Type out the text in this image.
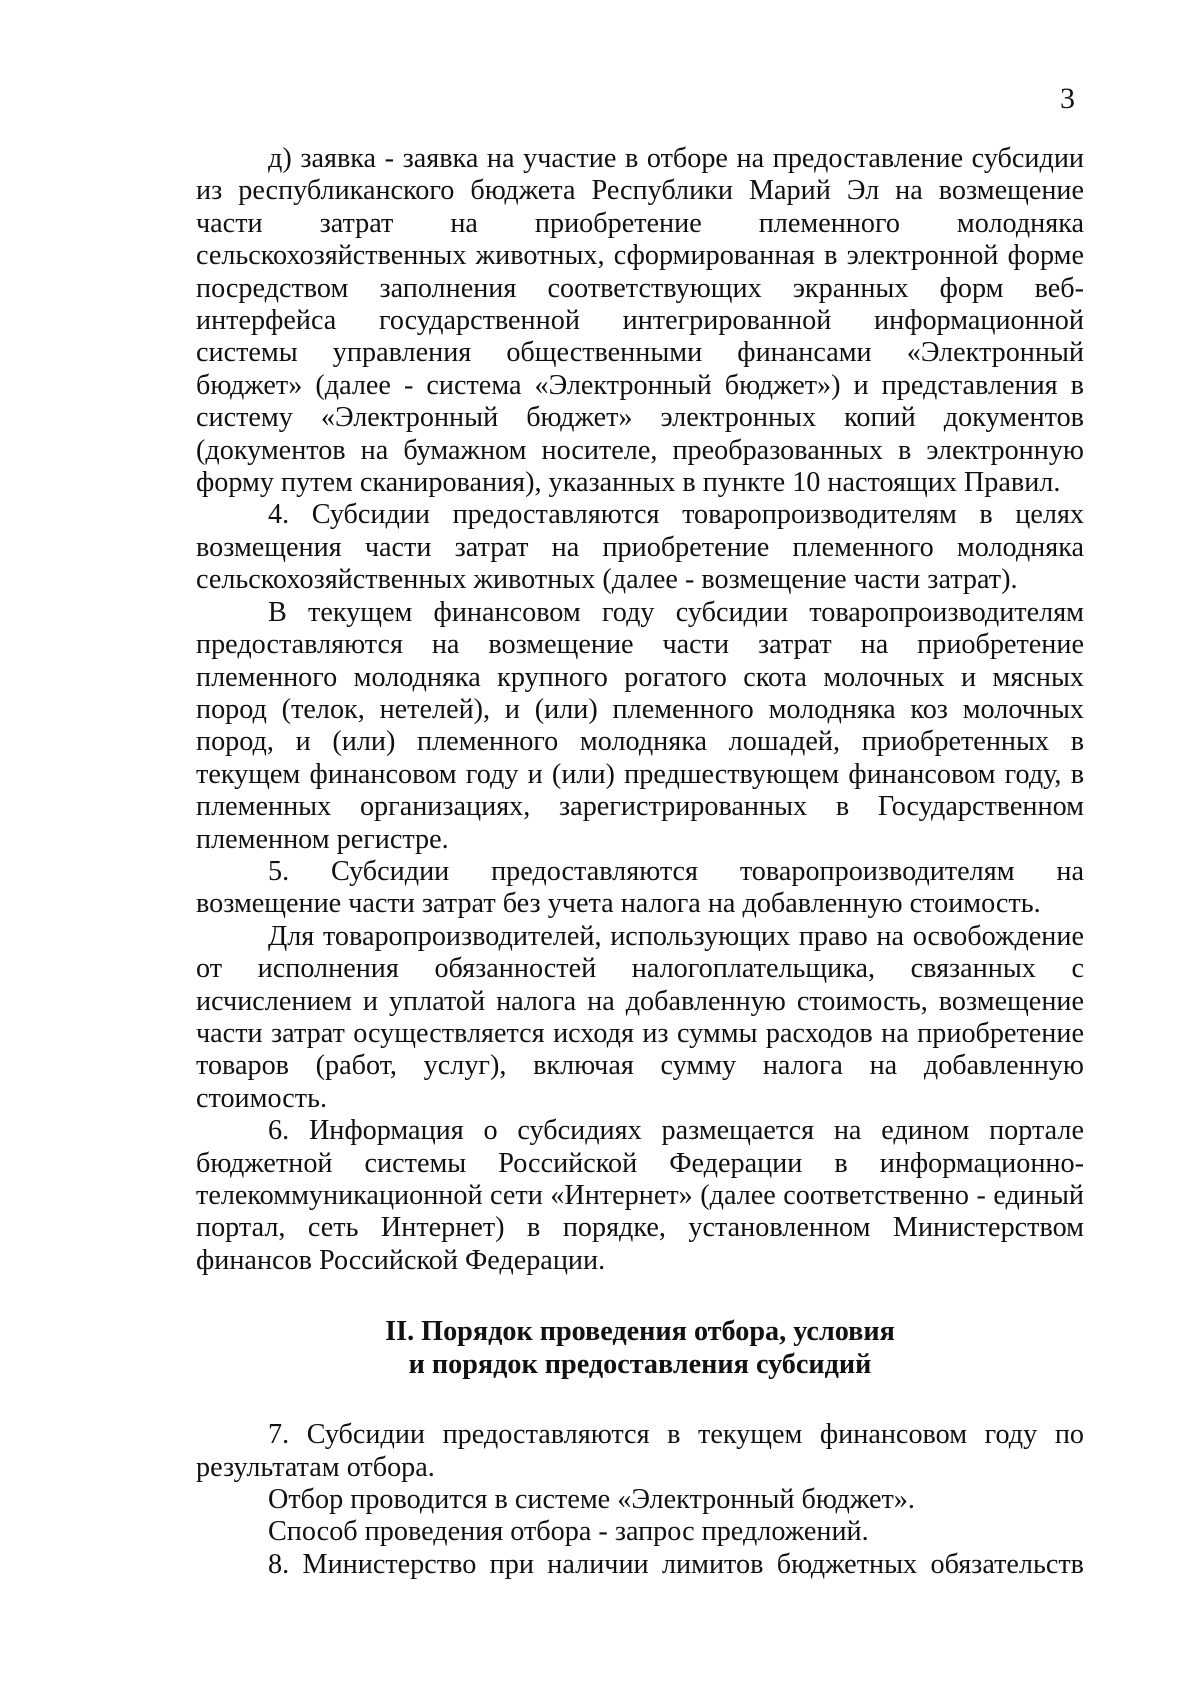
3

д) заявка - заявка на участие в отборе на предоставление субсидии из республиканского бюджета Республики Марий Эл на возмещение части затрат на приобретение племенного молодняка сельскохозяйственных животных, сформированная в электронной форме посредством заполнения соответствующих экранных форм веб-интерфейса государственной интегрированной информационной системы управления общественными финансами «Электронный бюджет» (далее - система «Электронный бюджет») и представления в систему «Электронный бюджет» электронных копий документов (документов на бумажном носителе, преобразованных в электронную форму путем сканирования), указанных в пункте 10 настоящих Правил.

4. Субсидии предоставляются товаропроизводителям в целях возмещения части затрат на приобретение племенного молодняка сельскохозяйственных животных (далее - возмещение части затрат).

В текущем финансовом году субсидии товаропроизводителям предоставляются на возмещение части затрат на приобретение племенного молодняка крупного рогатого скота молочных и мясных пород (телок, нетелей), и (или) племенного молодняка коз молочных пород, и (или) племенного молодняка лошадей, приобретенных в текущем финансовом году и (или) предшествующем финансовом году, в племенных организациях, зарегистрированных в Государственном племенном регистре.

5. Субсидии предоставляются товаропроизводителям на возмещение части затрат без учета налога на добавленную стоимость.

Для товаропроизводителей, использующих право на освобождение от исполнения обязанностей налогоплательщика, связанных с исчислением и уплатой налога на добавленную стоимость, возмещение части затрат осуществляется исходя из суммы расходов на приобретение товаров (работ, услуг), включая сумму налога на добавленную стоимость.

6. Информация о субсидиях размещается на едином портале бюджетной системы Российской Федерации в информационно-телекоммуникационной сети «Интернет» (далее соответственно - единый портал, сеть Интернет) в порядке, установленном Министерством финансов Российской Федерации.

II. Порядок проведения отбора, условия
и порядок предоставления субсидий

7. Субсидии предоставляются в текущем финансовом году по результатам отбора.

Отбор проводится в системе «Электронный бюджет».

Способ проведения отбора - запрос предложений.

8. Министерство при наличии лимитов бюджетных обязательств
